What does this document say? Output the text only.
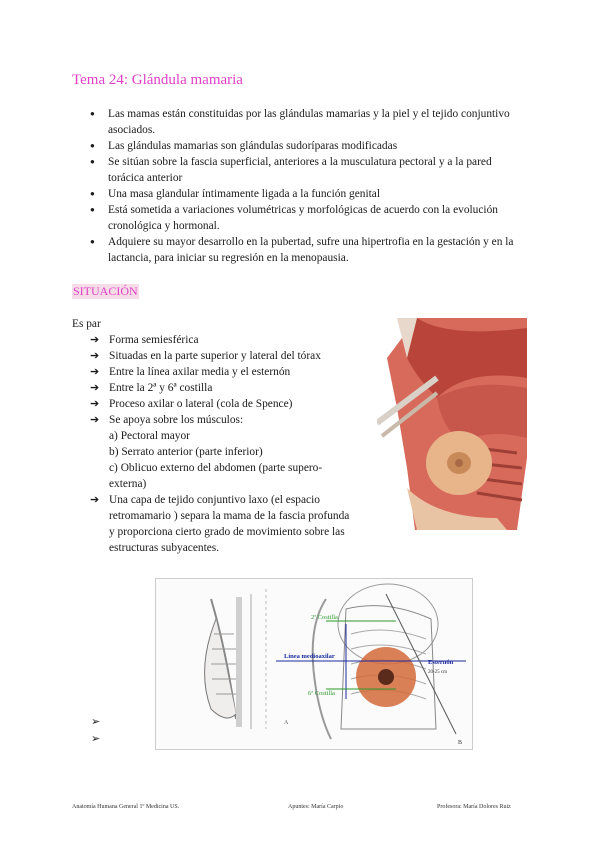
Tema 24: Glándula mamaria
● Las mamas están constituidas por las glándulas mamarias y la piel y el tejido conjuntivo asociados.
● Las glándulas mamarias son glándulas sudoríparas modificadas
● Se sitúan sobre la fascia superficial, anteriores a la musculatura pectoral y a la pared torácica anterior
● Una masa glandular íntimamente ligada a la función genital
● Está sometida a variaciones volumétricas y morfológicas de acuerdo con la evolución cronológica y hormonal.
● Adquiere su mayor desarrollo en la pubertad, sufre una hipertrofia en la gestación y en la lactancia, para iniciar su regresión en la menopausia.
SITUACIÓN
Es par
➔ Forma semiesférica
➔ Situadas en la parte superior y lateral del tórax
➔ Entre la línea axilar media y el esternón
➔ Entre la 2ª y 6ª costilla
➔ Proceso axilar o lateral (cola de Spence)
➔ Se apoya sobre los músculos:
a) Pectoral mayor
b) Serrato anterior (parte inferior)
c) Oblicuo externo del abdomen (parte supero-externa)
➔ Una capa de tejido conjuntivo laxo (el espacio retromamario ) separa la mama de la fascia profunda y proporciona cierto grado de movimiento sobre las estructuras subyacentes.
A
2ª Costilla
Línea medioaxilar
Esternón
20-25 cm
6ª Costilla
B
➢
➢
Anatomía Humana General 1º Medicina US.	Apuntes: María Carpio	Profesora: María Dolores Ruiz
